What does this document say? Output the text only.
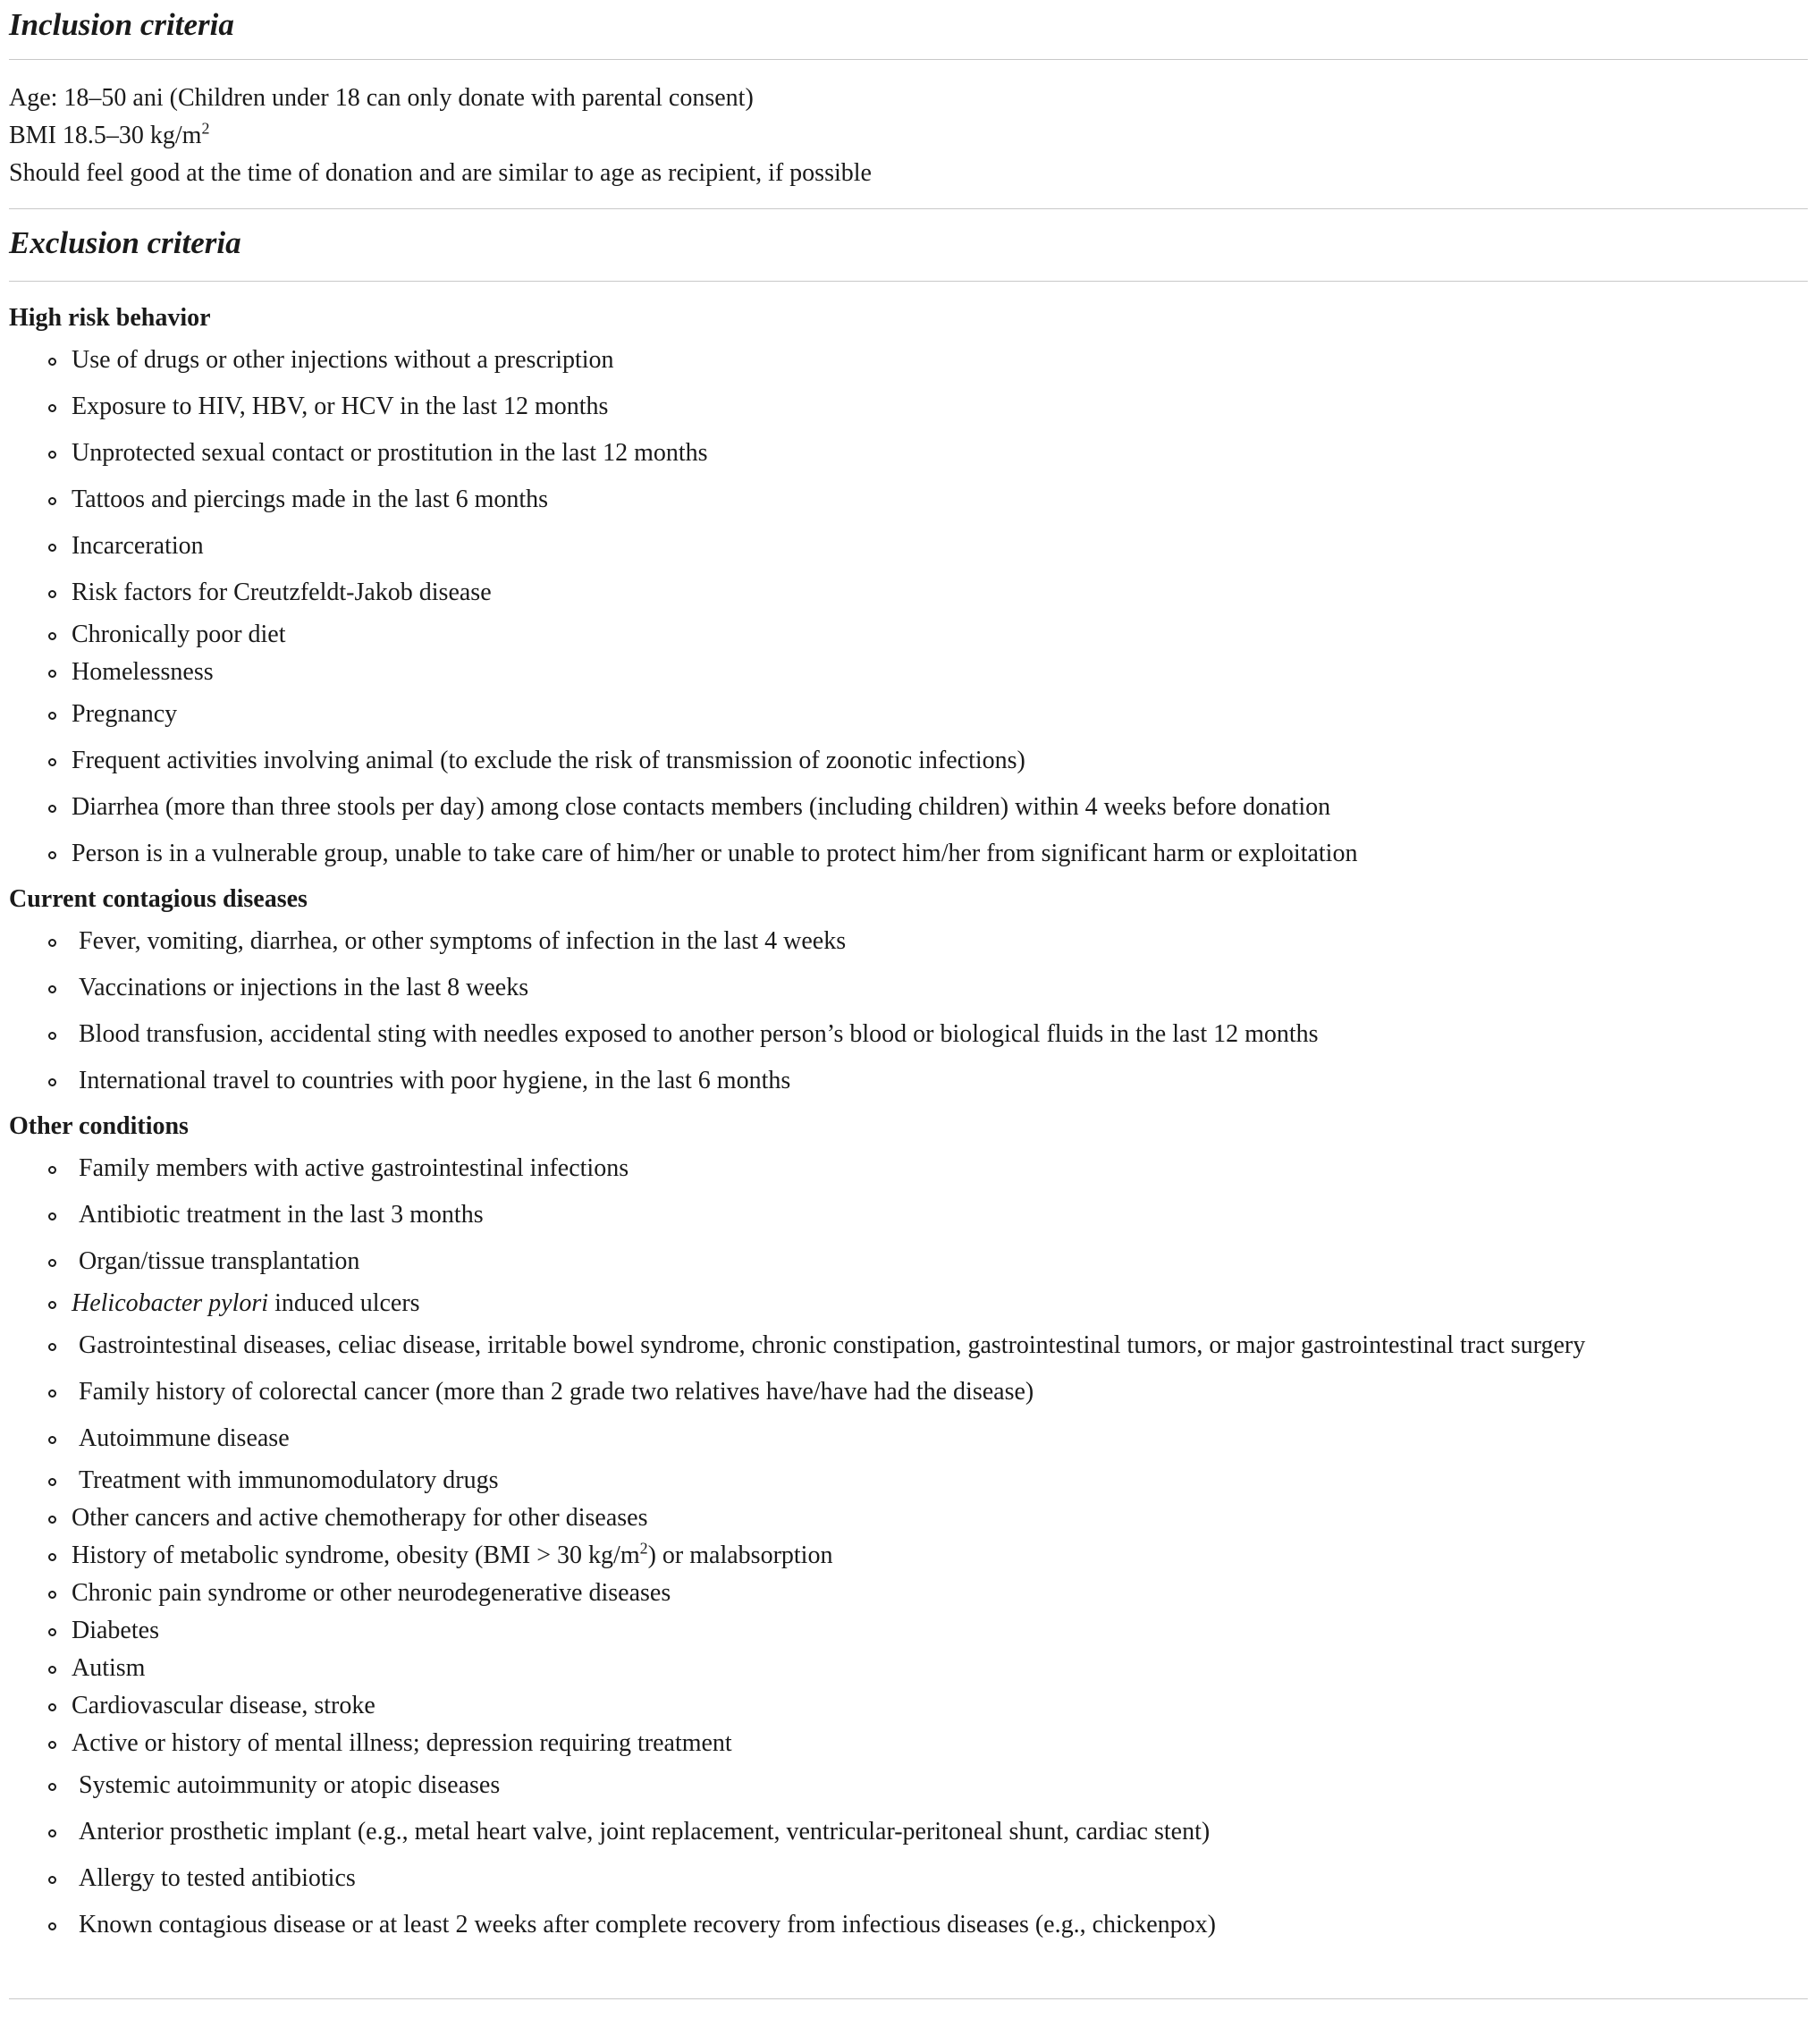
Inclusion criteria
Age: 18–50 ani (Children under 18 can only donate with parental consent)
BMI 18.5–30 $kg/m^2$
Should feel good at the time of donation and are similar to age as recipient, if possible
Exclusion criteria
High risk behavior
Use of drugs or other injections without a prescription
Exposure to HIV, HBV, or HCV in the last 12 months
Unprotected sexual contact or prostitution in the last 12 months
Tattoos and piercings made in the last 6 months
Incarceration
Risk factors for Creutzfeldt-Jakob disease
Chronically poor diet
Homelessness
Pregnancy
Frequent activities involving animal (to exclude the risk of transmission of zoonotic infections)
Diarrhea (more than three stools per day) among close contacts members (including children) within 4 weeks before donation
Person is in a vulnerable group, unable to take care of him/her or unable to protect him/her from significant harm or exploitation
Current contagious diseases
Fever, vomiting, diarrhea, or other symptoms of infection in the last 4 weeks
Vaccinations or injections in the last 8 weeks
Blood transfusion, accidental sting with needles exposed to another person’s blood or biological fluids in the last 12 months
International travel to countries with poor hygiene, in the last 6 months
Other conditions
Family members with active gastrointestinal infections
Antibiotic treatment in the last 3 months
Organ/tissue transplantation
Helicobacter pylori induced ulcers
Gastrointestinal diseases, celiac disease, irritable bowel syndrome, chronic constipation, gastrointestinal tumors, or major gastrointestinal tract surgery
Family history of colorectal cancer (more than 2 grade two relatives have/have had the disease)
Autoimmune disease
Treatment with immunomodulatory drugs
Other cancers and active chemotherapy for other diseases
History of metabolic syndrome, obesity (BMI > 30 $kg/m^2$) or malabsorption
Chronic pain syndrome or other neurodegenerative diseases
Diabetes
Autism
Cardiovascular disease, stroke
Active or history of mental illness; depression requiring treatment
Systemic autoimmunity or atopic diseases
Anterior prosthetic implant (e.g., metal heart valve, joint replacement, ventricular-peritoneal shunt, cardiac stent)
Allergy to tested antibiotics
Known contagious disease or at least 2 weeks after complete recovery from infectious diseases (e.g., chickenpox)
